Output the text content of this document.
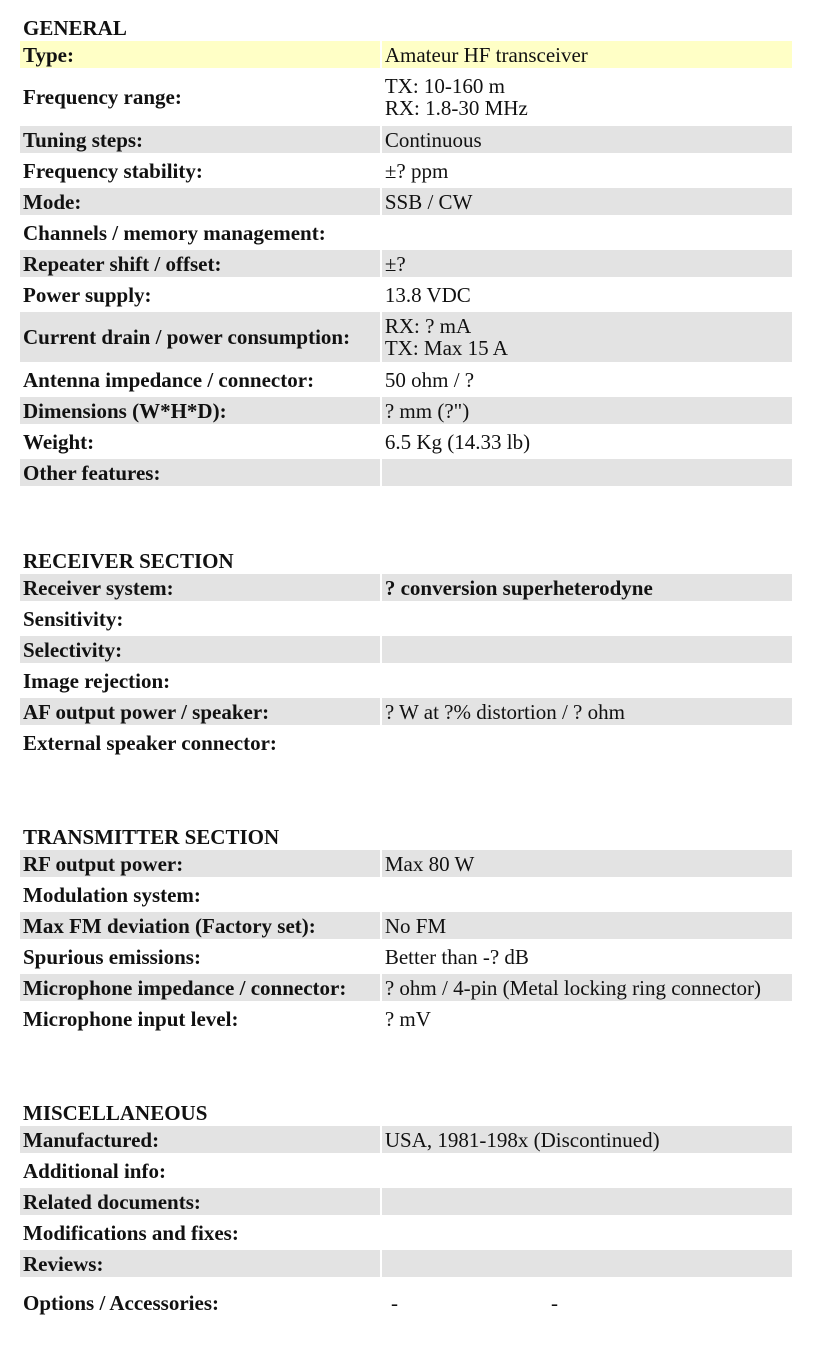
GENERAL
Type:		Amateur HF transceiver

Frequency range:		TX: 10-160 m
RX: 1.8-30 MHz

Tuning steps:		Continuous

Frequency stability:		±? ppm

Mode:		SSB / CW

Channels / memory management:		

Repeater shift / offset:		±?

Power supply:		13.8 VDC

Current drain / power consumption:		RX: ? mA
TX: Max 15 A

Antenna impedance / connector:		50 ohm / ?

Dimensions (W*H*D):		? mm (?")

Weight:		6.5 Kg (14.33 lb)

Other features:		
RECEIVER SECTION
Receiver system:		? conversion superheterodyne

Sensitivity:		

Selectivity:		

Image rejection:		

AF output power / speaker:		? W at ?% distortion / ? ohm

External speaker connector:		
TRANSMITTER SECTION
RF output power:		Max 80 W

Modulation system:		

Max FM deviation (Factory set):		No FM

Spurious emissions:		Better than -? dB

Microphone impedance / connector:		? ohm / 4-pin (Metal locking ring connector)

Microphone input level:		? mV
MISCELLANEOUS
Manufactured:		USA, 1981-198x (Discontinued)

Additional info:		

Related documents:		

Modifications and fixes:		

Reviews:		
Options / Accessories:	-	-
